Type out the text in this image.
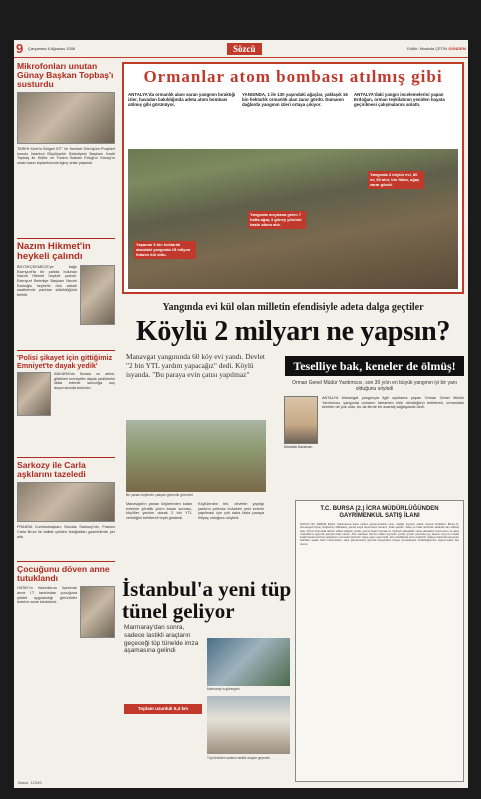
9 Çarşamba 6 Ağustos 2008	Sözcü	Editör: Mustafa ÇETİN GÜNDEM
Mikrofonları unutan Günay Başkan Topbaş'ı susturdu
TARİHİ Kent'in Bölgeli SİT' Ve Kentsel Dönüşüm Projeleri konulu İstanbul Büyükşehir Belediyesi Başkanı Kadir Topbaş ile Kültür ve Turizm Bakanı Ertuğrul Günay'ın ortak basın toplantısında ilginç anlar yaşandı.
Nazım Hikmet'in heykeli çalındı
BÜYÜKÇEKMECE'ye bağlı Esenyurt'ta bir parkta bulunan Nazım Hikmet heykeli çalındı. Esenyurt Belediye Başkanı Necmi Kadıoğlu heykelin dün sabah saatlerinde parktan söküldüğünü belirtti.
'Polisi şikayet için gittiğimiz Emniyet'te dayak yedik'
ANKARA'da Nurala ve ailesi, gitdikleri emniyette dayak yediklerini iddia ederek savcılığa suç duyurusunda bulundu.
Sarkozy ile Carla aşklarını tazeledi
FRANSA Cumhurbaşkanı Nicolas Sarkozy'nin, Fransız Carla Bruni ile tatilde çekilen fotoğrafları gazetelerde yer aldı.
Çocuğunu döven anne tutuklandı
HATAY'ın İskenderun ilçesinde anne İ.T. tarafından çocuğuna şiddet uygulandığı görüntüler üzerine anne tutuklandı.
Ormanlar atom bombası atılmış gibi
ANTALYA'da ormanlık alanı saran yangının bıraktığı izler, havadan bakıldığında adeta atom bombası atılmış gibi görünüyor.
YANGINDA, 1 ile 130 yaşındaki ağaçlar, yaklaşık 16 bin hektarlık ormanlık alan zarar gördü. Dumanın dağlarda yangının izleri ortaya çıkıyor.
ANTALYA'daki yangın incelemelerini yapan Erdoğan, orman teşkilatının yeniden hayata geçirilmesi çalışmalarını anlattı.
Yaşanan 5 bin hektarlık alandaki yangında 15 milyon fidanın kül oldu.
Yangında meydana gelen 7 hafta ağaç 3 güney yönünü baskı altına aldı.
Yangında 3 köyün evi, 80 ev, 60 ahır, bin fidan, ağaç zarar gördü.
Yangında evi kül olan milletin efendisiyle adeta dalga geçtiler
Köylü 2 milyarı ne yapsın?
Manavgat yangınında 60 köy evi yandı. Devlet "2 bin YTL yardım yapacağız" dedi. Köylü isyanda. "Bu paraya evin çatısı yapılmaz"
Teselliye bak, keneler de ölmüş!
Orman Genel Müdür Yardımcısı, son 30 yılın en büyük yangının iyi bir yanı olduğunu söyledi
Mustafa Karaman
ANTALYA Manavgat yangınıyla ilgili açıklama yapan Orman Genel Müdür Yardımcısı, yangında ormanın tamamen küle döndüğünü belirterek, ormandaki keneler de yok oldu, bu da ilerde bir avantaj sağlayacak dedi.
Bir yanan köylerde çalışan güvenlik görevlisi.
Manavgat'ın yanan köylerinden kalan evlerine yönelik yıkım kararı sonrası, köylüler yardım olarak 2 bin YTL verildiğini belirterek tepki gösterdi.
Köylülerden biri, devletin yaptığı yardımı yetersiz bulurken yeni evlerin yapılması için çok daha fazla paraya ihtiyaç olduğunu söyledi.
İstanbul'a yeni tüp tünel geliyor
Marmaray'dan sonra, sadece lastikli araçların geçeceği tüp tünelde imza aşamasına gelindi
Marmaray'ın güzergahı
Toplam uzunluk 5,4 km
Tüp tünelden sadece lastikli araçlar geçecek.
T.C. BURSA (2.) İCRA MÜDÜRLÜĞÜNDEN
GAYRİMENKUL SATIŞ İLANI
DOSYA NO: 2008/46 ESAS. Satılmasına karar verilen gayrimenkulün cinsi, niteliği, kıymeti, adedi, önemli özellikleri: Bursa İli, Osmangazi İlçesi, Doğanbey Mahallesi, parsel sayılı taşınmazın tamamı. İhale şartları: Satış ve ihale tarihinde saatinde ilan edilmiş olup, birinci artırmada tahmin edilen değerin yüzde yetmiş beşini bulmak ve rüçhanlı alacaklılar varsa alacakları mecmuunu ve satış masraflarını geçmek şartıyla ihale olunur. Alıcı olanların tahmin edilen kıymetin yüzde yirmisi oranında pey akçesi veya bu miktar kadar banka teminat mektubunu vermeleri lazımdır. Satış peşin para iledir, alıcı istediğinde süre verilebilir. İhaleye katılmak isteyenler belirtilen saatte hazır bulunmaları, satış şartnamesini görmek isteyenlerin dosya numarasıyla müdürlüğümüze başvurmaları ilan olunur.
Basın: 12345
